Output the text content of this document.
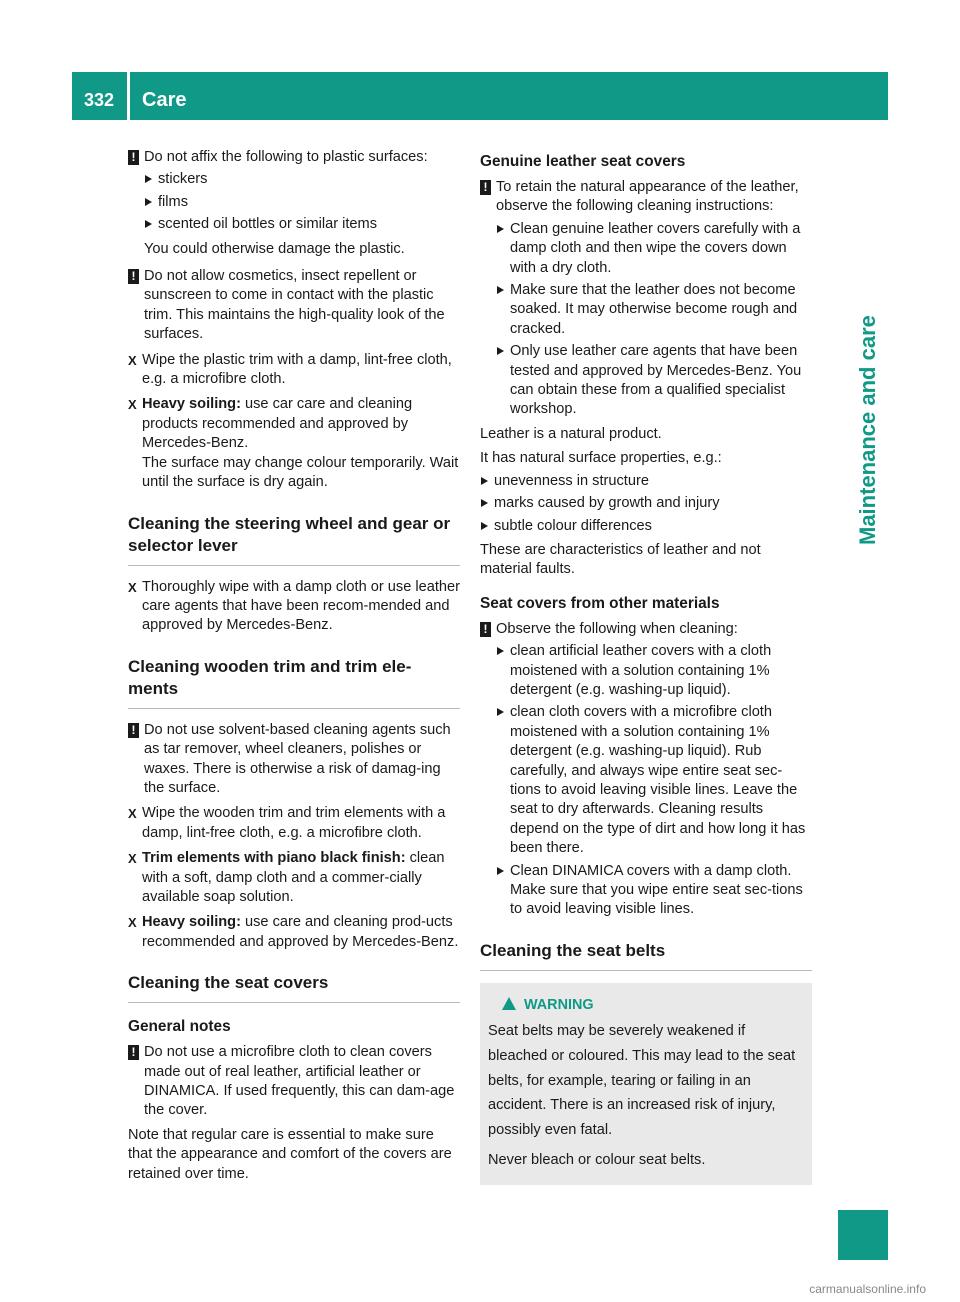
332	Care
Maintenance and care
! Do not affix the following to plastic surfaces:

stickers
films
scented oil bottles or similar items

You could otherwise damage the plastic.

! Do not allow cosmetics, insect repellent or sunscreen to come in contact with the plastic trim. This maintains the high-quality look of the surfaces.

X Wipe the plastic trim with a damp, lint-free cloth, e.g. a microfibre cloth.

X Heavy soiling: use car care and cleaning products recommended and approved by Mercedes-Benz.

The surface may change colour temporarily. Wait until the surface is dry again.

Cleaning the steering wheel and gear or selector lever
X Thoroughly wipe with a damp cloth or use leather care agents that have been recom-mended and approved by Mercedes-Benz.

Cleaning wooden trim and trim ele-ments
! Do not use solvent-based cleaning agents such as tar remover, wheel cleaners, polishes or waxes. There is otherwise a risk of damag-ing the surface.

X Wipe the wooden trim and trim elements with a damp, lint-free cloth, e.g. a microfibre cloth.

X Trim elements with piano black finish: clean with a soft, damp cloth and a commer-cially available soap solution.

X Heavy soiling: use care and cleaning prod-ucts recommended and approved by Mercedes-Benz.

Cleaning the seat covers
General notes
! Do not use a microfibre cloth to clean covers made out of real leather, artificial leather or DINAMICA. If used frequently, this can dam-age the cover.

Note that regular care is essential to make sure that the appearance and comfort of the covers are retained over time.

Genuine leather seat covers
! To retain the natural appearance of the leather, observe the following cleaning instructions:

Clean genuine leather covers carefully with a damp cloth and then wipe the covers down with a dry cloth.
Make sure that the leather does not become soaked. It may otherwise become rough and cracked.
Only use leather care agents that have been tested and approved by Mercedes-Benz. You can obtain these from a qualified specialist workshop.

Leather is a natural product.

It has natural surface properties, e.g.:

unevenness in structure
marks caused by growth and injury
subtle colour differences

These are characteristics of leather and not material faults.

Seat covers from other materials
! Observe the following when cleaning:

clean artificial leather covers with a cloth moistened with a solution containing 1% detergent (e.g. washing-up liquid).
clean cloth covers with a microfibre cloth moistened with a solution containing 1% detergent (e.g. washing-up liquid). Rub carefully, and always wipe entire seat sec-tions to avoid leaving visible lines. Leave the seat to dry afterwards. Cleaning results depend on the type of dirt and how long it has been there.
Clean DINAMICA covers with a damp cloth. Make sure that you wipe entire seat sec-tions to avoid leaving visible lines.
Cleaning the seat belts
WARNING

Seat belts may be severely weakened if bleached or coloured. This may lead to the seat belts, for example, tearing or failing in an accident. There is an increased risk of injury, possibly even fatal.

Never bleach or colour seat belts.

carmanualsonline.info
